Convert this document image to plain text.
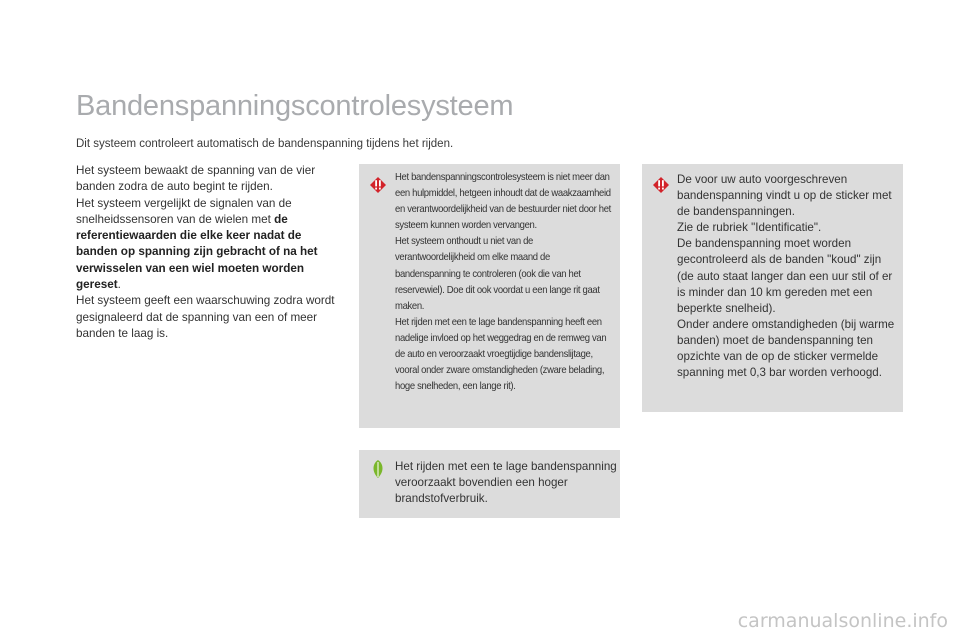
Bandenspanningscontrolesysteem

Dit systeem controleert automatisch de bandenspanning tijdens het rijden.

Het systeem bewaakt de spanning van de vier banden zodra de auto begint te rijden.

Het systeem vergelijkt de signalen van de snelheidssensoren van de wielen met de referentiewaarden die elke keer nadat de banden op spanning zijn gebracht of na het verwisselen van een wiel moeten worden gereset.

Het systeem geeft een waarschuwing zodra wordt gesignaleerd dat de spanning van een of meer banden te laag is.

Het bandenspanningscontrolesysteem is niet meer dan een hulpmiddel, hetgeen inhoudt dat de waakzaamheid en verantwoordelijkheid van de bestuurder niet door het systeem kunnen worden vervangen.

Het systeem onthoudt u niet van de verantwoordelijkheid om elke maand de bandenspanning te controleren (ook die van het reservewiel). Doe dit ook voordat u een lange rit gaat maken.

Het rijden met een te lage bandenspanning heeft een nadelige invloed op het weggedrag en de remweg van de auto en veroorzaakt vroegtijdige bandenslijtage, vooral onder zware omstandigheden (zware belading, hoge snelheden, een lange rit).

De voor uw auto voorgeschreven bandenspanning vindt u op de sticker met de bandenspanningen.

Zie de rubriek "Identificatie".

De bandenspanning moet worden gecontroleerd als de banden "koud" zijn (de auto staat langer dan een uur stil of er is minder dan 10 km gereden met een beperkte snelheid).

Onder andere omstandigheden (bij warme banden) moet de bandenspanning ten opzichte van de op de sticker vermelde spanning met 0,3 bar worden verhoogd.

Het rijden met een te lage bandenspanning veroorzaakt bovendien een hoger brandstofverbruik.
carmanualsonline.info
